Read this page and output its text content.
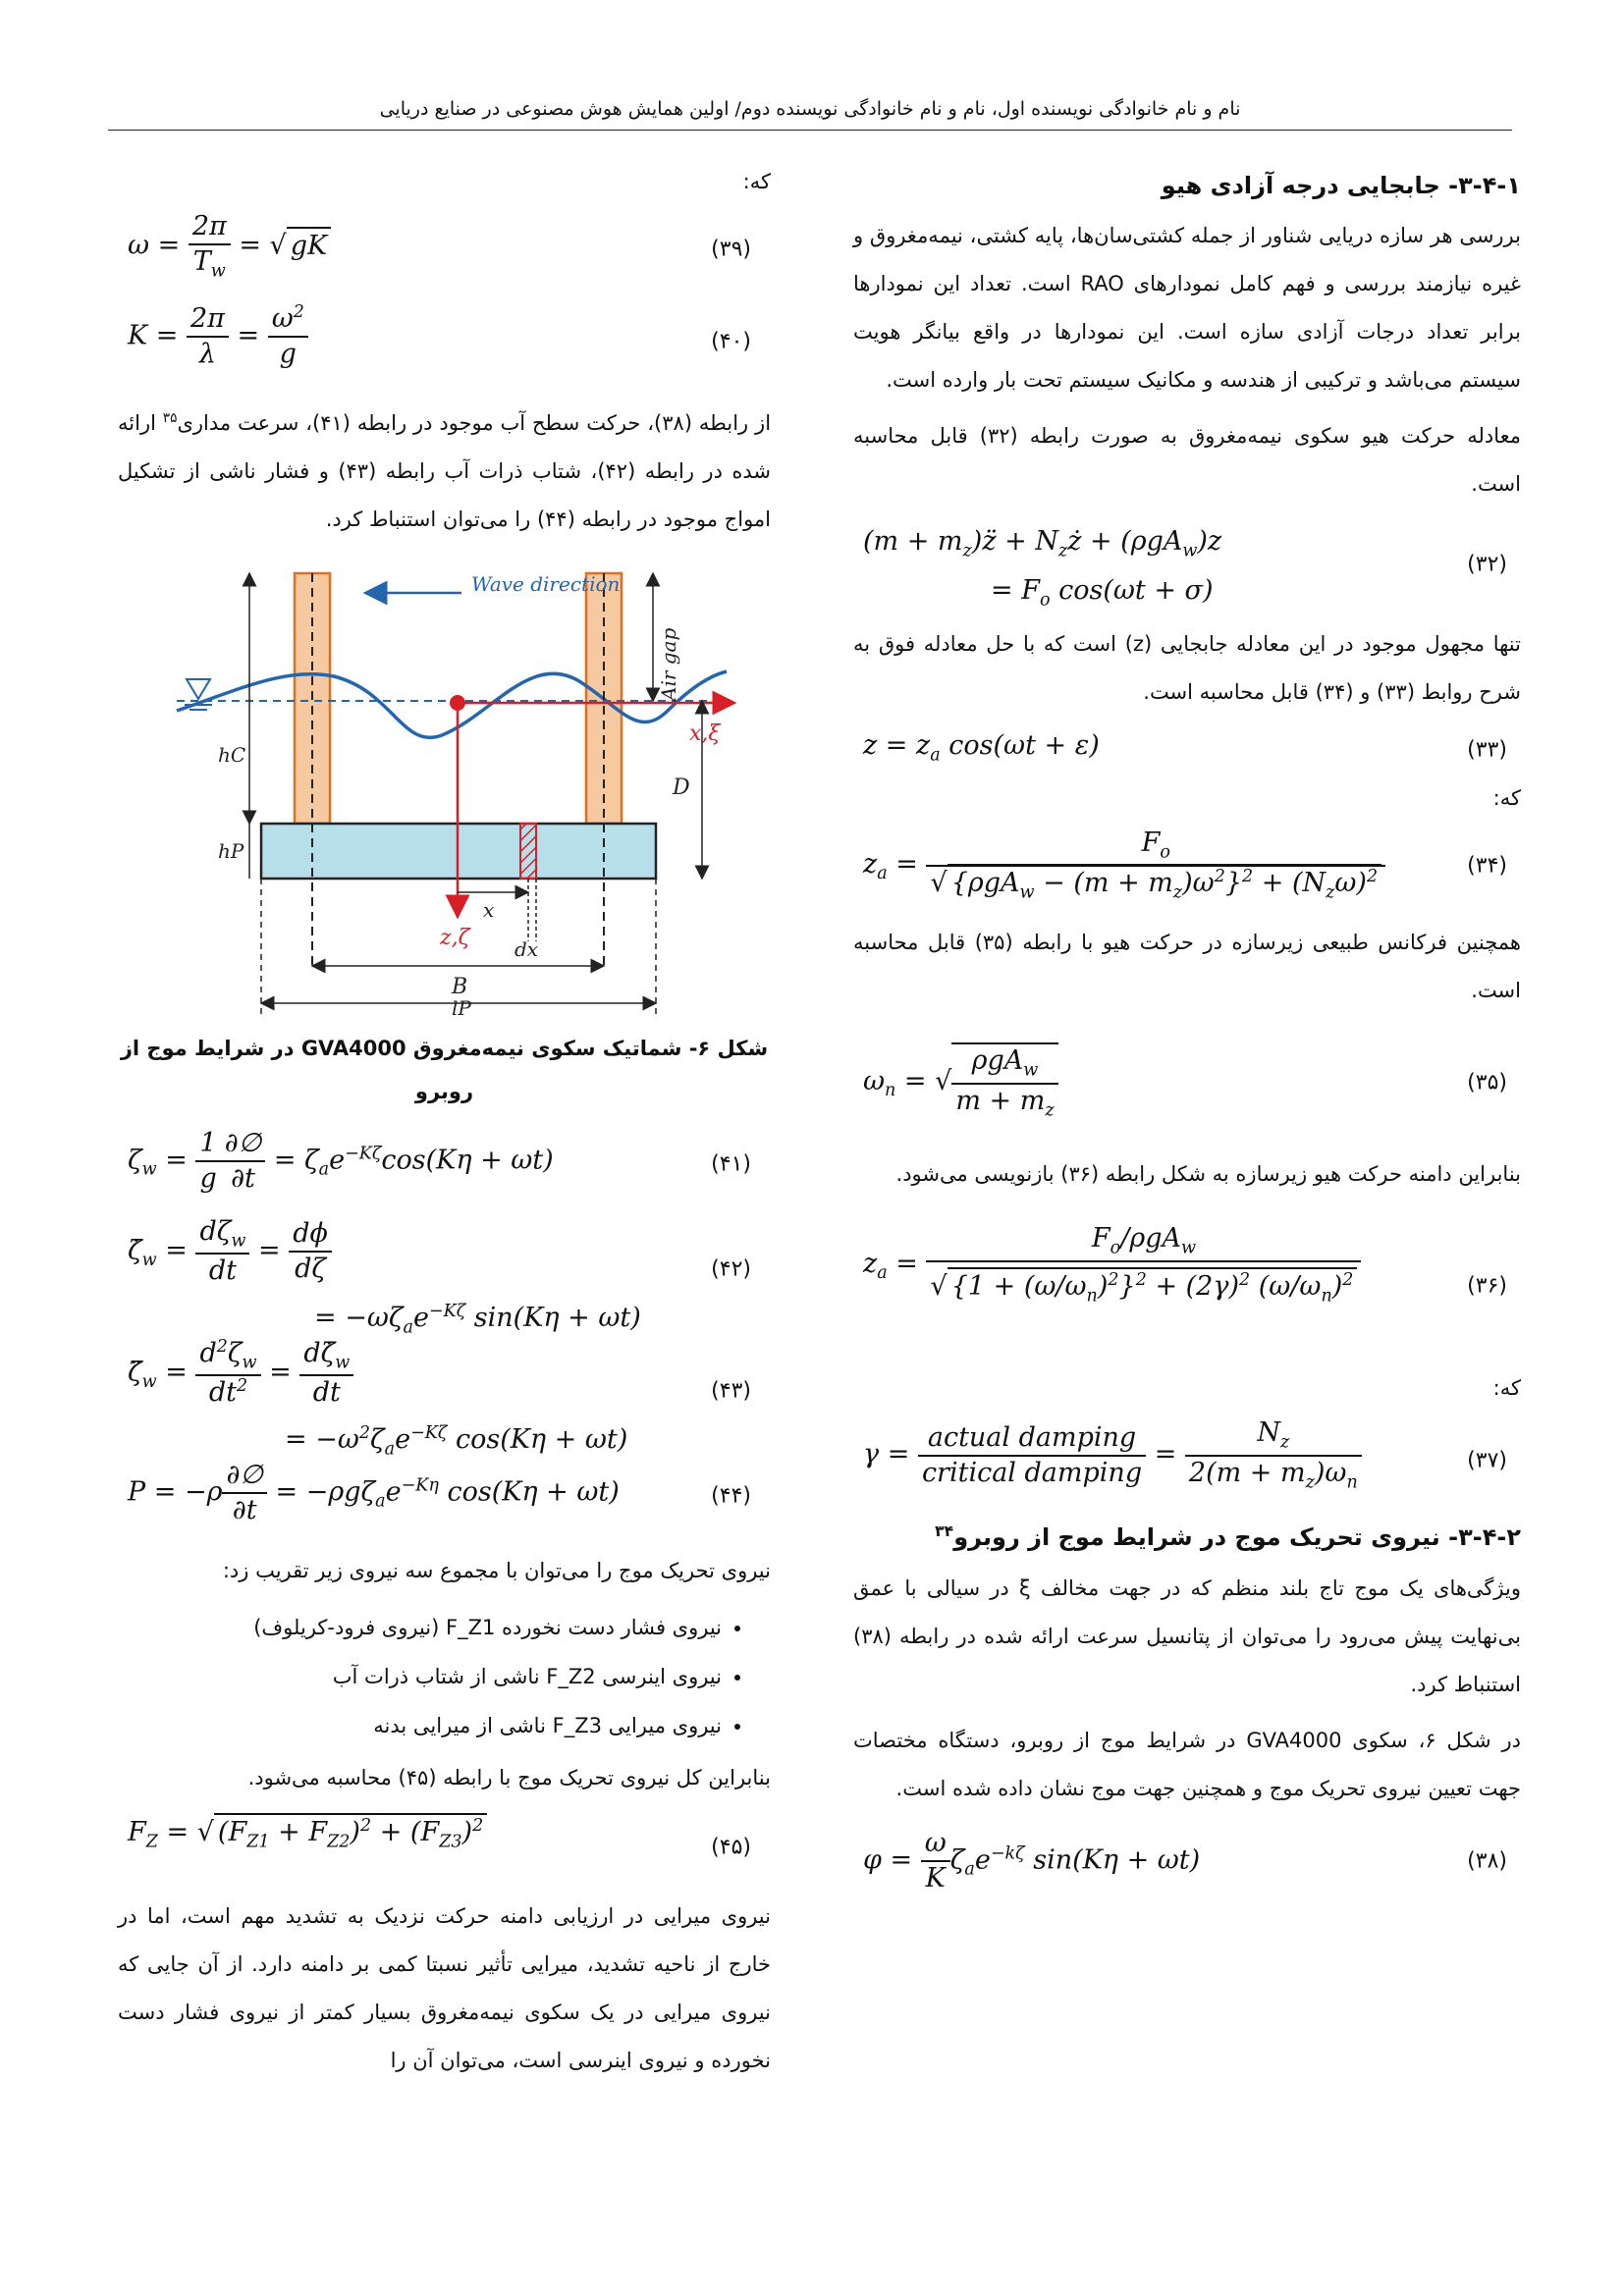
نام و نام خانوادگی نویسنده اول، نام و نام خانوادگی نویسنده دوم/ اولین همایش هوش مصنوعی در صنایع دریایی
۳-۴-۱- جابجایی درجه آزادی هیو

بررسی هر سازه دریایی شناور از جمله کشتی‌سان‌ها، پایه کشتی، نیمه‌مغروق و غیره نیازمند بررسی و فهم کامل نمودارهای RAO است. تعداد این نمودارها برابر تعداد درجات آزادی سازه است. این نمودارها در واقع بیانگر هویت سیستم می‌باشد و ترکیبی از هندسه و مکانیک سیستم تحت بار وارده است.

معادله حرکت هیو سکوی نیمه‌مغروق به صورت رابطه (۳۲) قابل محاسبه است.

$(m + m_z)z̈$ + $N_zż + (\rho gA_w)z$
= $F_o$ cos(ωt + σ)
(۳۲)

تنها مجهول موجود در این معادله جابجایی (z) است که با حل معادله فوق به شرح روابط (۳۳) و (۳۴) قابل محاسبه است.

$z = z_a$ cos(ωt + ε)	(۳۳)

که:

$z_a$ =
$F_o$
√ $\{\rho gA_w - (m + m_z)\omega^2\}^2 + (N_z\omega)^2$	(۳۴)

همچنین فرکانس طبیعی زیرسازه در حرکت هیو با رابطه (۳۵) قابل محاسبه است.

$\omega_n$ = √
ρgA$_w$
$m + m_z$
(۳۵)

بنابراین دامنه حرکت هیو زیرسازه به شکل رابطه (۳۶) بازنویسی می‌شود.

$z_a$ =
$F_o/\rho gA_w$
√ $\{1 + (\omega/\omega_n)^2\}^2 + (2\gamma)^2$ $(\omega/\omega_n)^2$	(۳۶)

که:

γ =
actual damping
critical damping
= $\frac{N_z}{2(m + m_z)\omega_n}$	(۳۷)
۳-۴-۲- نیروی تحریک موج در شرایط موج از روبرو$^{۳۴}$

ویژگی‌های یک موج تاج بلند منظم که در جهت مخالف ξ در سیالی با عمق بی‌نهایت پیش می‌رود را می‌توان از پتانسیل سرعت ارائه شده در رابطه (۳۸) استنباط کرد.

در شکل ۶، سکوی GVA4000 در شرایط موج از روبرو، دستگاه مختصات جهت تعیین نیروی تحریک موج و همچنین جهت موج نشان داده شده است.

$\varphi = \frac{\omega}{K} \zeta_ae^{-k\zeta}$ sin(Kη + ωt)	(۳۸)

که:

$\omega = \frac{2\pi}{T_w}$ = √ gK	(۳۹)
$K = \frac{2\pi}{\lambda} = \frac{\omega^2}{g}$	(۴۰)

از رابطه (۳۸)، حرکت سطح آب موجود در رابطه (۴۱)، سرعت مداری$^{۳۵}$ ارائه شده در رابطه (۴۲)، شتاب ذرات آب رابطه (۴۳) و فشار ناشی از تشکیل امواج موجود در رابطه (۴۴) را می‌توان استنباط کرد.

Wave direction
x,ξ
z,ζ
Air gap
D
hC
hP
x
dx
B
lP
شکل ۶- شماتیک سکوی نیمه‌مغروق GVA4000 در شرایط موج از روبرو
$\zeta_w = \frac{1}{g}$ ∂∅
∂t
= $\zeta_ae^{-K\zeta}\cos(K\eta + \omega t)$	(۴۱)
$\zetȧ_w$ =
$d\zeta_w$
dt
= $\frac{d\phi}{d\zeta}$

= $-\omega\zeta_ae^{-K\zeta}$ sin(Kη + ωt)
(۴۲)
$\zetä_w = \frac{d^2\zeta_w}{dt^2} = \frac{d\zetȧ_w}{dt}$

= $-\omega^2\zeta_ae^{-K\zeta}$ cos(Kη + ωt)
(۴۳)
P = −ρ
∂∅
∂t
= $-\rho g\zeta_ae^{-K\eta}$ cos(Kη + ωt)	(۴۴)

نیروی تحریک موج را می‌توان با مجموع سه نیروی زیر تقریب زد:

• نیروی فشار دست نخورده F_Z1 (نیروی فرود-کریلوف)
• نیروی اینرسی F_Z2 ناشی از شتاب ذرات آب
• نیروی میرایی F_Z3 ناشی از میرایی بدنه

بنابراین کل نیروی تحریک موج با رابطه (۴۵) محاسبه می‌شود.

$F_Z$ = √ $(F_{Z1} + F_{Z2})^2 + (F_{Z3})^2$
(۴۵)

نیروی میرایی در ارزیابی دامنه حرکت نزدیک به تشدید مهم است، اما در خارج از ناحیه تشدید، میرایی تأثیر نسبتا کمی بر دامنه دارد. از آن جایی که نیروی میرایی در یک سکوی نیمه‌مغروق بسیار کمتر از نیروی فشار دست نخورده و نیروی اینرسی است، می‌توان آن را
